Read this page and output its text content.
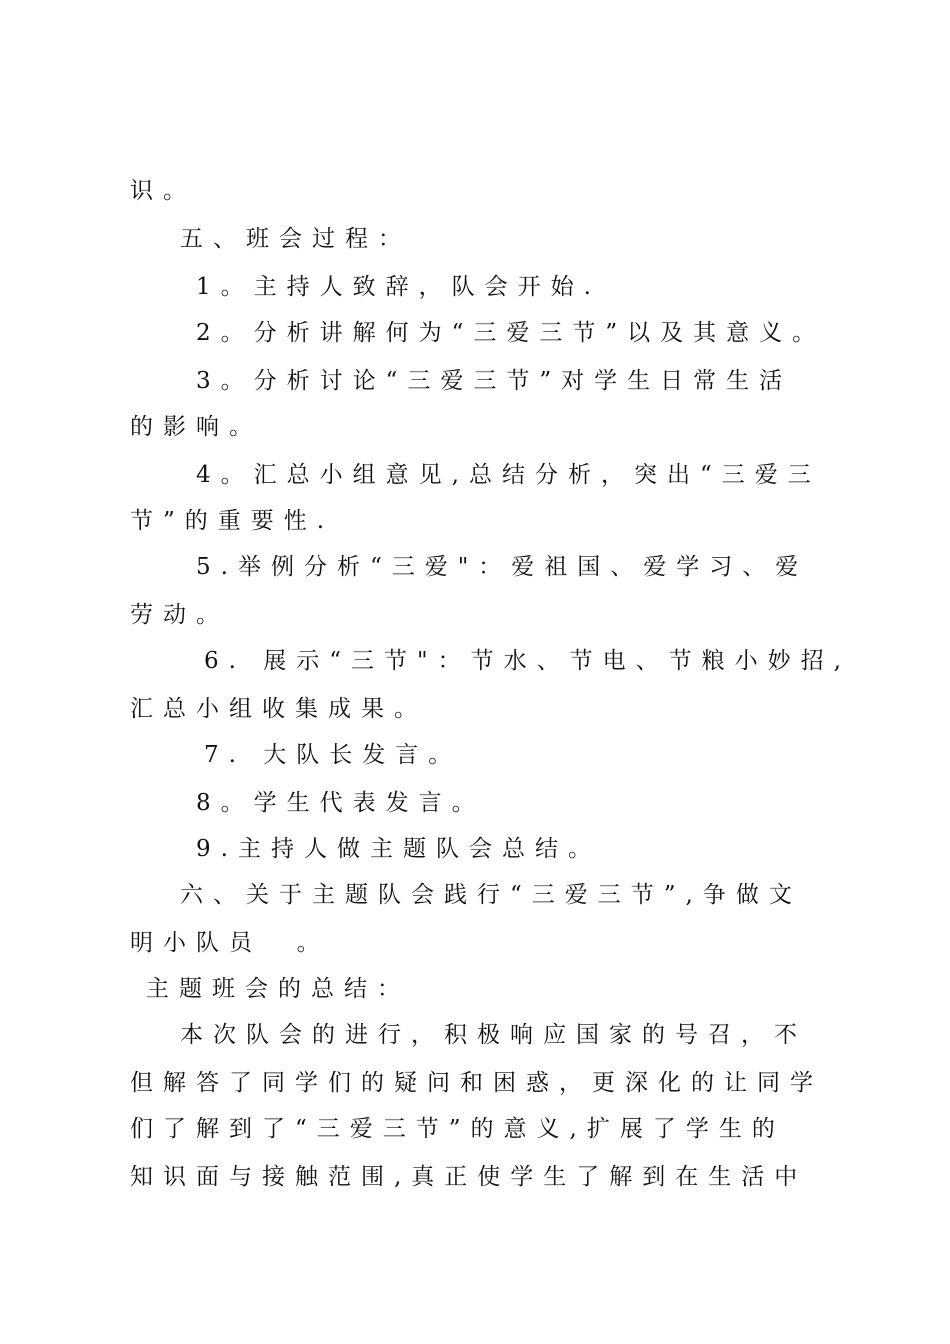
识。

五、班会过程：

1。主持人致辞，队会开始.

2。分析讲解何为“三爱三节”以及其意义。

3。分析讨论“三爱三节”对学生日常生活

的影响。

4。汇总小组意见,总结分析，突出“三爱三

节”的重要性.

5.举例分析“三爱"：爱祖国、爱学习、爱

劳动。

6. 展示“三节"：节水、节电、节粮小妙招,

汇总小组收集成果。

7. 大队长发言。

8。学生代表发言。

9.主持人做主题队会总结。

六、关于主题队会践行“三爱三节”,争做文

明小队员  。

主题班会的总结：

本次队会的进行，积极响应国家的号召，不

但解答了同学们的疑问和困惑，更深化的让同学

们了解到了“三爱三节”的意义,扩展了学生的

知识面与接触范围,真正使学生了解到在生活中
